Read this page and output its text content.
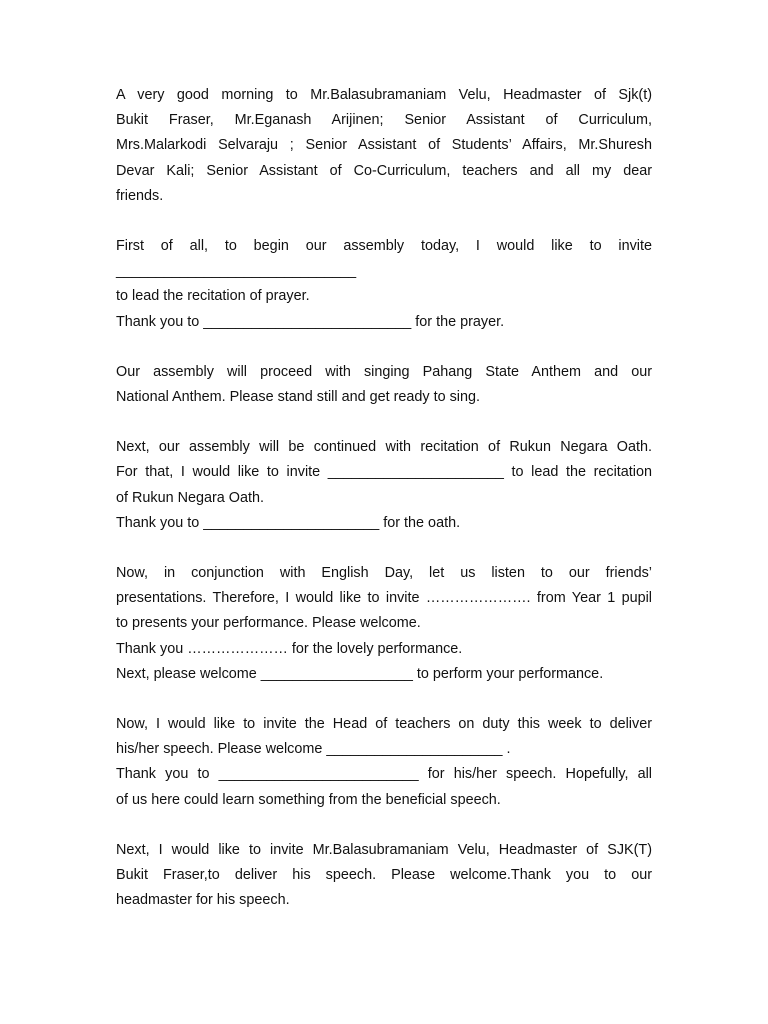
A very good morning to Mr.Balasubramaniam Velu, Headmaster of Sjk(t)
Bukit Fraser, Mr.Eganash Arijinen; Senior Assistant of Curriculum,
Mrs.Malarkodi Selvaraju ; Senior Assistant of Students’ Affairs, Mr.Shuresh
Devar Kali; Senior Assistant of Co-Curriculum, teachers and all my dear
friends.
First of all, to begin our assembly today, I would like to invite
______________________________
to lead the recitation of prayer.
Thank you to __________________________ for the prayer.
Our assembly will proceed with singing Pahang State Anthem and our
National Anthem. Please stand still and get ready to sing.
Next, our assembly will be continued with recitation of Rukun Negara Oath.
For that, I would like to invite ______________________ to lead the recitation
of Rukun Negara Oath.
Thank you to ______________________ for the oath.
Now, in conjunction with English Day, let us listen to our friends’
presentations. Therefore, I would like to invite …………………. from Year 1 pupil
to presents your performance. Please welcome.
Thank you ………………… for the lovely performance.
Next, please welcome ___________________ to perform your performance.
Now, I would like to invite the Head of teachers on duty this week to deliver
his/her speech. Please welcome ______________________ .
Thank you to _________________________ for his/her speech. Hopefully, all
of us here could learn something from the beneficial speech.
Next, I would like to invite Mr.Balasubramaniam Velu, Headmaster of SJK(T)
Bukit Fraser,to deliver his speech. Please welcome.Thank you to our
headmaster for his speech.
